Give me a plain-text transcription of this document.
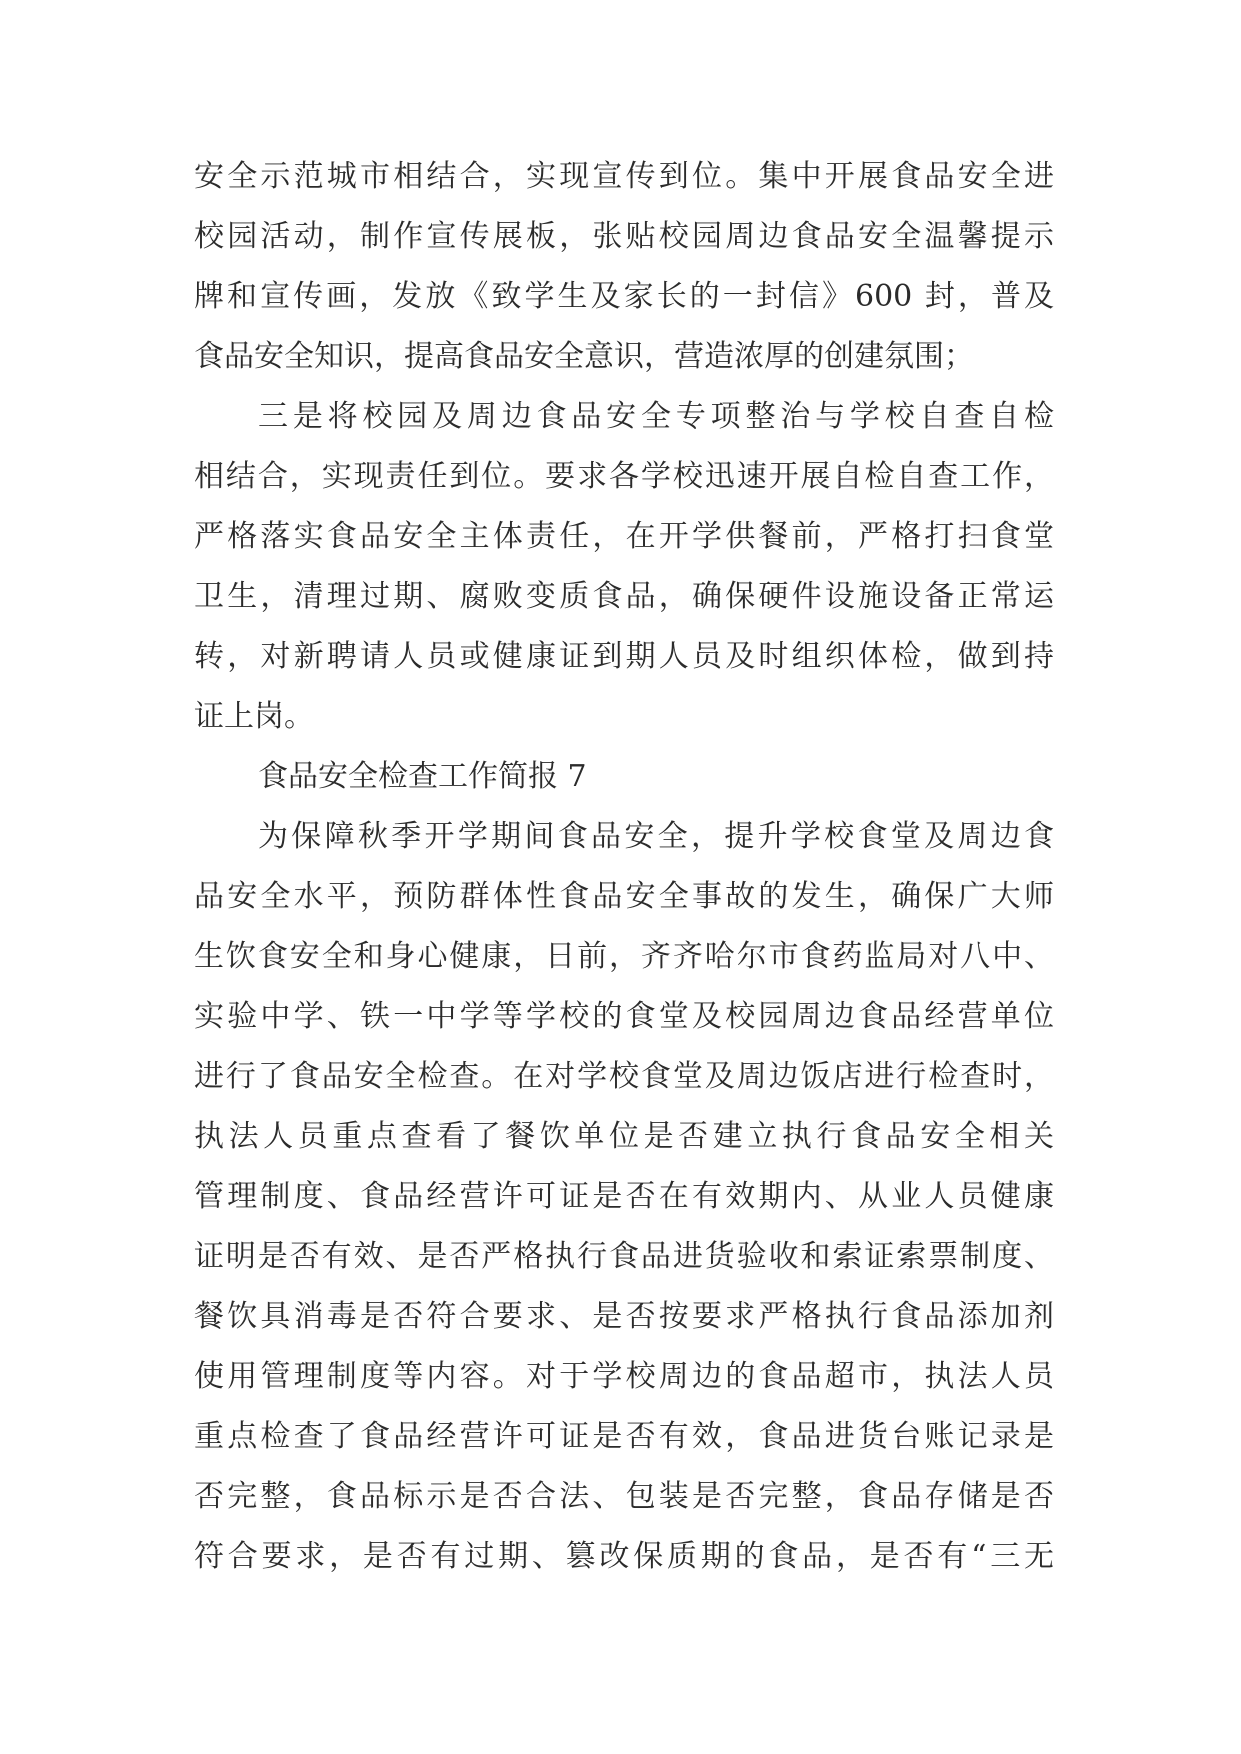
安全示范城市相结合，实现宣传到位。集中开展食品安全进
校园活动，制作宣传展板，张贴校园周边食品安全温馨提示
牌和宣传画，发放《致学生及家长的一封信》600 封，普及
食品安全知识，提高食品安全意识，营造浓厚的创建氛围；
三是将校园及周边食品安全专项整治与学校自查自检
相结合，实现责任到位。要求各学校迅速开展自检自查工作，
严格落实食品安全主体责任，在开学供餐前，严格打扫食堂
卫生，清理过期、腐败变质食品，确保硬件设施设备正常运
转，对新聘请人员或健康证到期人员及时组织体检，做到持
证上岗。
食品安全检查工作简报 7
为保障秋季开学期间食品安全，提升学校食堂及周边食
品安全水平，预防群体性食品安全事故的发生，确保广大师
生饮食安全和身心健康，日前，齐齐哈尔市食药监局对八中、
实验中学、铁一中学等学校的食堂及校园周边食品经营单位
进行了食品安全检查。在对学校食堂及周边饭店进行检查时，
执法人员重点查看了餐饮单位是否建立执行食品安全相关
管理制度、食品经营许可证是否在有效期内、从业人员健康
证明是否有效、是否严格执行食品进货验收和索证索票制度、
餐饮具消毒是否符合要求、是否按要求严格执行食品添加剂
使用管理制度等内容。对于学校周边的食品超市，执法人员
重点检查了食品经营许可证是否有效，食品进货台账记录是
否完整，食品标示是否合法、包装是否完整，食品存储是否
符合要求，是否有过期、篡改保质期的食品，是否有“三无
